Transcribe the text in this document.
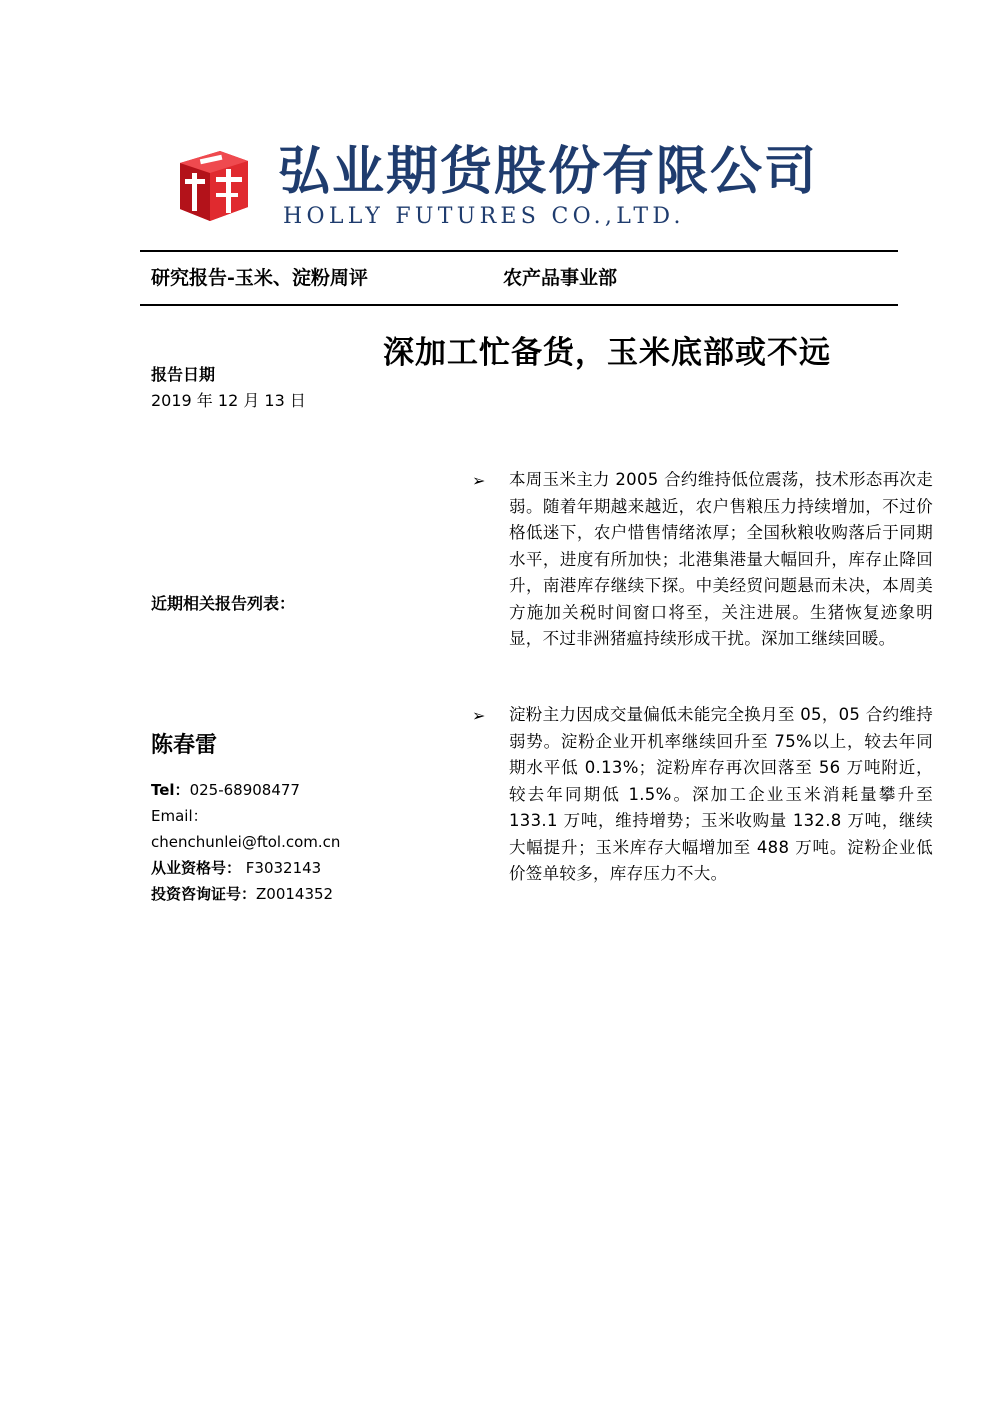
弘业期货股份有限公司
HOLLY FUTURES CO.,LTD.
研究报告-玉米、淀粉周评	农产品事业部
深加工忙备货，玉米底部或不远
报告日期
2019 年 12 月 13 日
近期相关报告列表：
陈春雷
Tel：025-68908477
Email：
chenchunlei@ftol.com.cn
从业资格号： F3032143
投资咨询证号：Z0014352
➢	本周玉米主力 2005 合约维持低位震荡，技术形态再次走弱。随着年期越来越近，农户售粮压力持续增加，不过价格低迷下，农户惜售情绪浓厚；全国秋粮收购落后于同期水平，进度有所加快；北港集港量大幅回升，库存止降回升，南港库存继续下探。中美经贸问题悬而未决，本周美方施加关税时间窗口将至，关注进展。生猪恢复迹象明显，不过非洲猪瘟持续形成干扰。深加工继续回暖。
➢	淀粉主力因成交量偏低未能完全换月至 05，05 合约维持弱势。淀粉企业开机率继续回升至 75%以上，较去年同期水平低 0.13%；淀粉库存再次回落至 56 万吨附近，较去年同期低 1.5%。深加工企业玉米消耗量攀升至 133.1 万吨，维持增势；玉米收购量 132.8 万吨，继续大幅提升；玉米库存大幅增加至 488 万吨。淀粉企业低价签单较多，库存压力不大。
